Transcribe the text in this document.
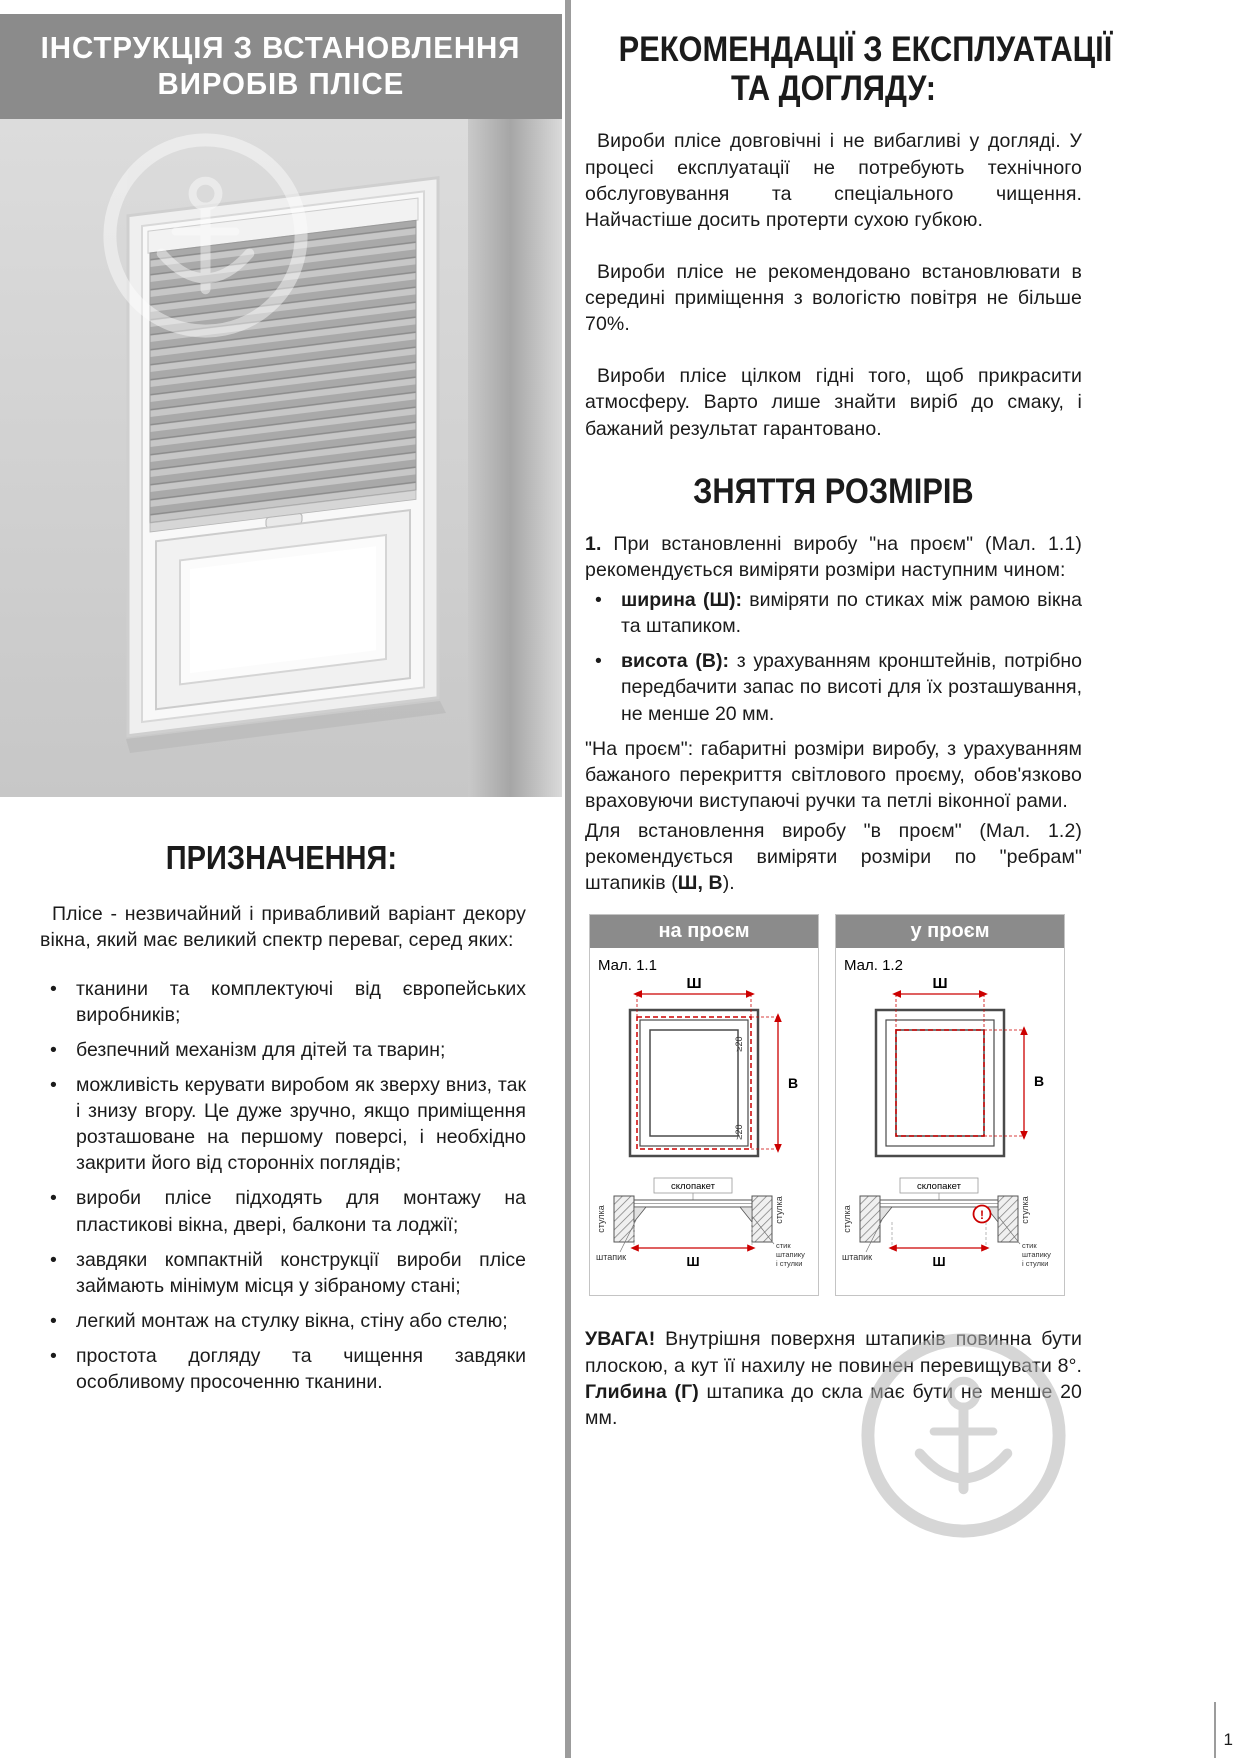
ІНСТРУКЦІЯ З ВСТАНОВЛЕННЯ
ВИРОБІВ ПЛІСЕ
ПРИЗНАЧЕННЯ:

Плісе - незвичайний і привабливий варіант декору вікна, який має великий спектр переваг, серед яких:

• тканини та комплектуючі від європейських виробників;
• безпечний механізм для дітей та тварин;
• можливість керувати виробом як зверху вниз, так і знизу вгору. Це дуже зручно, якщо приміщення розташоване на першому поверсі, і необхідно закрити його від сторонніх поглядів;
• вироби плісе підходять для монтажу на пластикові вікна, двері, балкони та лоджії;
• завдяки компактній конструкції вироби плісе займають мінімум місця у зібраному стані;
• легкий монтаж на стулку вікна, стіну або стелю;
• простота догляду та чищення завдяки особливому просоченню тканини.
РЕКОМЕНДАЦІЇ З ЕКСПЛУАТАЦІЇ
ТА ДОГЛЯДУ:

Вироби плісе довговічні і не вибагливі у догляді. У процесі експлуатації не потребують технічного обслуговування та спеціального чищення. Найчастіше досить протерти сухою губкою.

Вироби плісе не рекомендовано встановлювати в середині приміщення з вологістю повітря не більше 70%.

Вироби плісе цілком гідні того, щоб прикрасити атмосферу. Варто лише знайти виріб до смаку, і бажаний результат гарантовано.

ЗНЯТТЯ РОЗМІРІВ

1. При встановленні виробу "на проєм" (Мал. 1.1) рекомендується виміряти розміри наступним чином:

• ширина (Ш): виміряти по стиках між рамою вікна та штапиком.
• висота (В): з урахуванням кронштейнів, потрібно передбачити запас по висоті для їх розташування, не менше 20 мм.

"На проєм": габаритні розміри виробу, з урахуванням бажаного перекриття світлового проєму, обов'язково враховуючи виступаючі ручки та петлі віконної рами.

Для встановлення виробу "в проєм" (Мал. 1.2) рекомендується виміряти розміри по "ребрам" штапиків (Ш, В).

на проєм
Мал. 1.1
Ш
В
≥20
≥20
склопакет
стулка	стулка
Ш
штапик
стик
штапику
і стулки
у проєм
Мал. 1.2
Ш
В
склопакет
!
стулка	стулка
Ш
штапик
стик
штапику
і стулки

УВАГА! Внутрішня поверхня штапиків повинна бути плоскою, а кут її нахилу не повинен перевищувати 8°. Глибина (Г) штапика до скла має бути не менше 20 мм.

1
